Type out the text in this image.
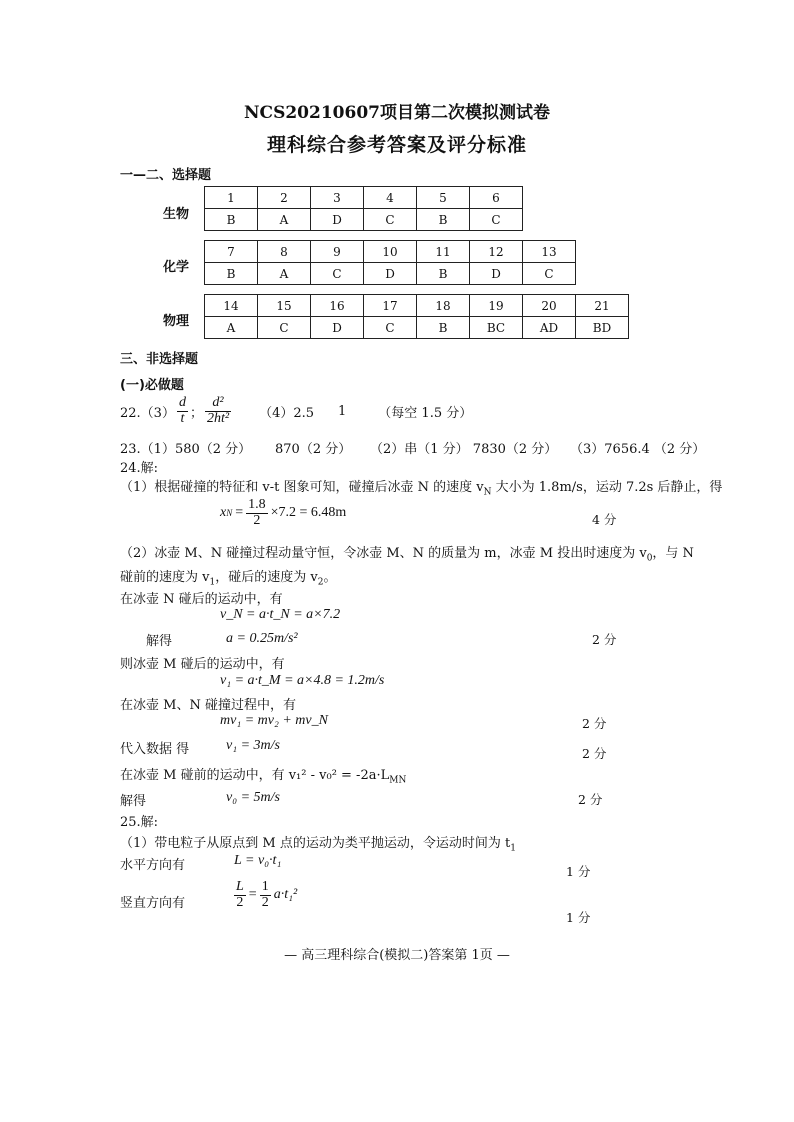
NCS20210607项目第二次模拟测试卷
理科综合参考答案及评分标准
一—二、选择题
生物
1	2	3	4	5	6
B	A	D	C	B	C
化学
7	8	9	10	11	12	13
B	A	C	D	B	D	C
物理
14	15	16	17	18	19	20	21
A	C	D	C	B	BC	AD	BD
三、非选择题
(一)必做题
$22.(3) \frac{d}{t}$ ； $\frac{\text{d²}}{\text{2ht²}} (4)2.5$ 1 （每空 1.5 分）
23.（1）580（2 分） 870（2 分） （2）串（1 分） 7830（2 分） （3）7656.4 （2 分）
24.解:
（1）根据碰撞的特征和 v-t 图象可知，碰撞后冰壶 N 的速度 $v_N$ 大小为 1.8m/s，运动 7.2s 后静止，得
x $N = \frac{1.8}{2} \times 7.2 = 6.48m$	4 分
（2）冰壶 M、N 碰撞过程动量守恒，令冰壶 M、N 的质量为 m，冰壶 M 投出时速度为 $v_0$，与 N
碰前的速度为 $v_1$，碰后的速度为 $v_2$。
在冰壶 N 碰后的运动中，有
v_N = a·t_N = a×7.2
解得	a = 0.25m/s²	2 分
则冰壶 M 碰后的运动中，有
v₁ = a·t_M = a×4.8 = 1.2m/s
在冰壶 M、N 碰撞过程中，有
mv₁ = mv₂ + mv_N	2 分
代入数据 得	v₁ = 3m/s
2 分
在冰壶 M 碰前的运动中，有 $v_1^2 - v_0^2 = -2a\cdot L_{MN}$
解得	v₀ = 5m/s	2 分
25.解:
（1）带电粒子从原点到 M 点的运动为类平抛运动，令运动时间为 $t_1$
水平方向有	L = v₀·t₁
1 分
竖直方向有	$\frac{L}{2} = \frac{1}{2} a\cdot t_1^2$
1 分
— 高三理科综合(模拟二)答案第 1页 —
